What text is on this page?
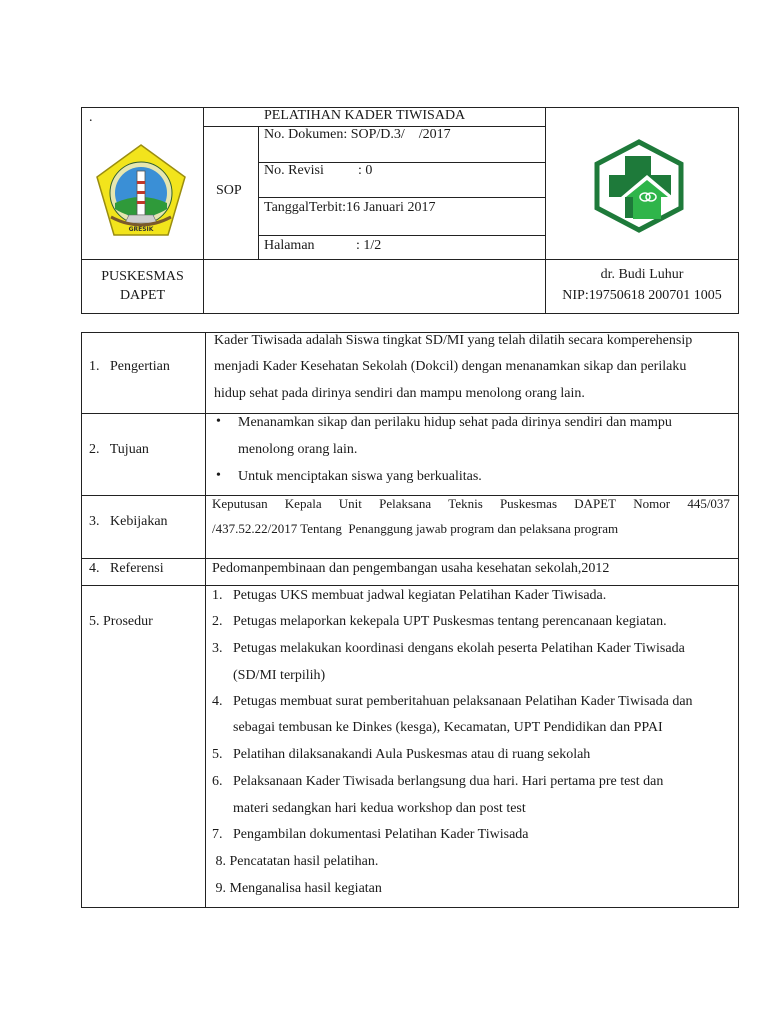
.
GRESIK
PELATIHAN KADER TIWISADA
SOP
No. Dokumen: SOP/D.3/    /2017
No. Revisi : 0
TanggalTerbit:16 Januari 2017
Halaman	: 1/2
PUSKESMAS
DAPET
dr. Budi Luhur
NIP:19750618 200701 1005
1.   Pengertian
Kader Tiwisada adalah Siswa tingkat SD/MI yang telah dilatih secara komperehensip
menjadi Kader Kesehatan Sekolah (Dokcil) dengan menanamkan sikap dan perilaku
hidup sehat pada dirinya sendiri dan mampu menolong orang lain.
2.   Tujuan
• Menanamkan sikap dan perilaku hidup sehat pada dirinya sendiri dan mampu
menolong orang lain.
• Untuk menciptakan siswa yang berkualitas.
3.   Kebijakan
Keputusan Kepala Unit Pelaksana Teknis Puskesmas DAPET Nomor 445/037
/437.52.22/2017 Tentang  Penanggung jawab program dan pelaksana program
4.   Referensi	Pedomanpembinaan dan pengembangan usaha kesehatan sekolah,2012
5. Prosedur
1. Petugas UKS membuat jadwal kegiatan Pelatihan Kader Tiwisada.
2. Petugas melaporkan kekepala UPT Puskesmas tentang perencanaan kegiatan.
3. Petugas melakukan koordinasi dengans ekolah peserta Pelatihan Kader Tiwisada
(SD/MI terpilih)
4. Petugas membuat surat pemberitahuan pelaksanaan Pelatihan Kader Tiwisada dan
sebagai tembusan ke Dinkes (kesga), Kecamatan, UPT Pendidikan dan PPAI
5. Pelatihan dilaksanakandi Aula Puskesmas atau di ruang sekolah
6. Pelaksanaan Kader Tiwisada berlangsung dua hari. Hari pertama pre test dan
materi sedangkan hari kedua workshop dan post test
7. Pengambilan dokumentasi Pelatihan Kader Tiwisada
8. Pencatatan hasil pelatihan.
9. Menganalisa hasil kegiatan
